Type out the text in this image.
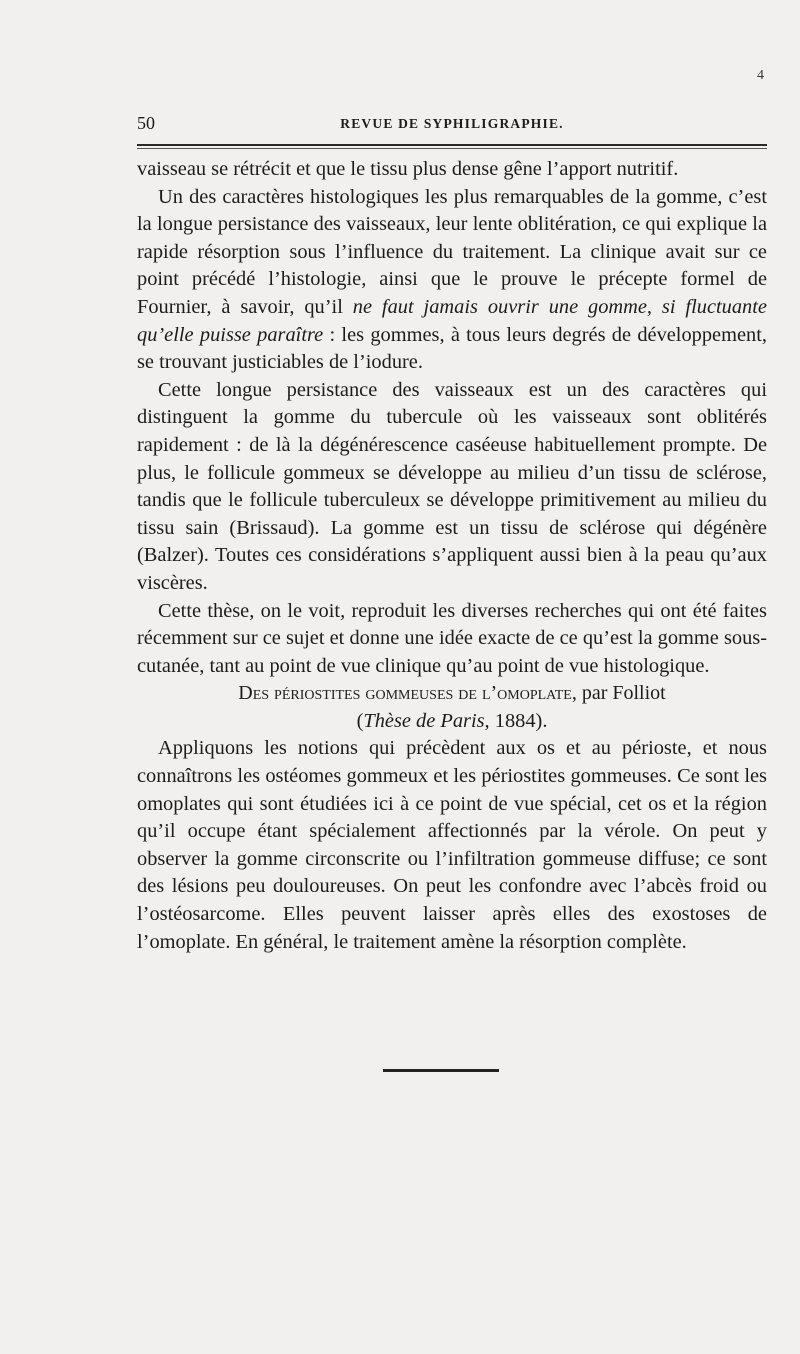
4
50	REVUE DE SYPHILIGRAPHIE.

vaisseau se rétrécit et que le tissu plus dense gêne l’apport nutritif.

Un des caractères histologiques les plus remarquables de la gomme, c’est la longue persistance des vaisseaux, leur lente oblitération, ce qui explique la rapide résorption sous l’influence du traitement. La clinique avait sur ce point précédé l’histologie, ainsi que le prouve le précepte formel de Fournier, à savoir, qu’il ne faut jamais ouvrir une gomme, si fluctuante qu’elle puisse paraître : les gommes, à tous leurs degrés de développement, se trouvant justiciables de l’iodure.

Cette longue persistance des vaisseaux est un des caractères qui distinguent la gomme du tubercule où les vaisseaux sont oblitérés rapidement : de là la dégénérescence caséeuse habituellement prompte. De plus, le follicule gommeux se développe au milieu d’un tissu de sclérose, tandis que le follicule tuberculeux se développe primitivement au milieu du tissu sain (Brissaud). La gomme est un tissu de sclérose qui dégénère (Balzer). Toutes ces considérations s’appliquent aussi bien à la peau qu’aux viscères.

Cette thèse, on le voit, reproduit les diverses recherches qui ont été faites récemment sur ce sujet et donne une idée exacte de ce qu’est la gomme sous-cutanée, tant au point de vue clinique qu’au point de vue histologique.

Des périostites gommeuses de l’omoplate, par Folliot

(Thèse de Paris, 1884).

Appliquons les notions qui précèdent aux os et au périoste, et nous connaîtrons les ostéomes gommeux et les périostites gommeuses. Ce sont les omoplates qui sont étudiées ici à ce point de vue spécial, cet os et la région qu’il occupe étant spécialement affectionnés par la vérole. On peut y observer la gomme circonscrite ou l’infiltration gommeuse diffuse; ce sont des lésions peu douloureuses. On peut les confondre avec l’abcès froid ou l’ostéosarcome. Elles peuvent laisser après elles des exostoses de l’omoplate. En général, le traitement amène la résorption complète.
